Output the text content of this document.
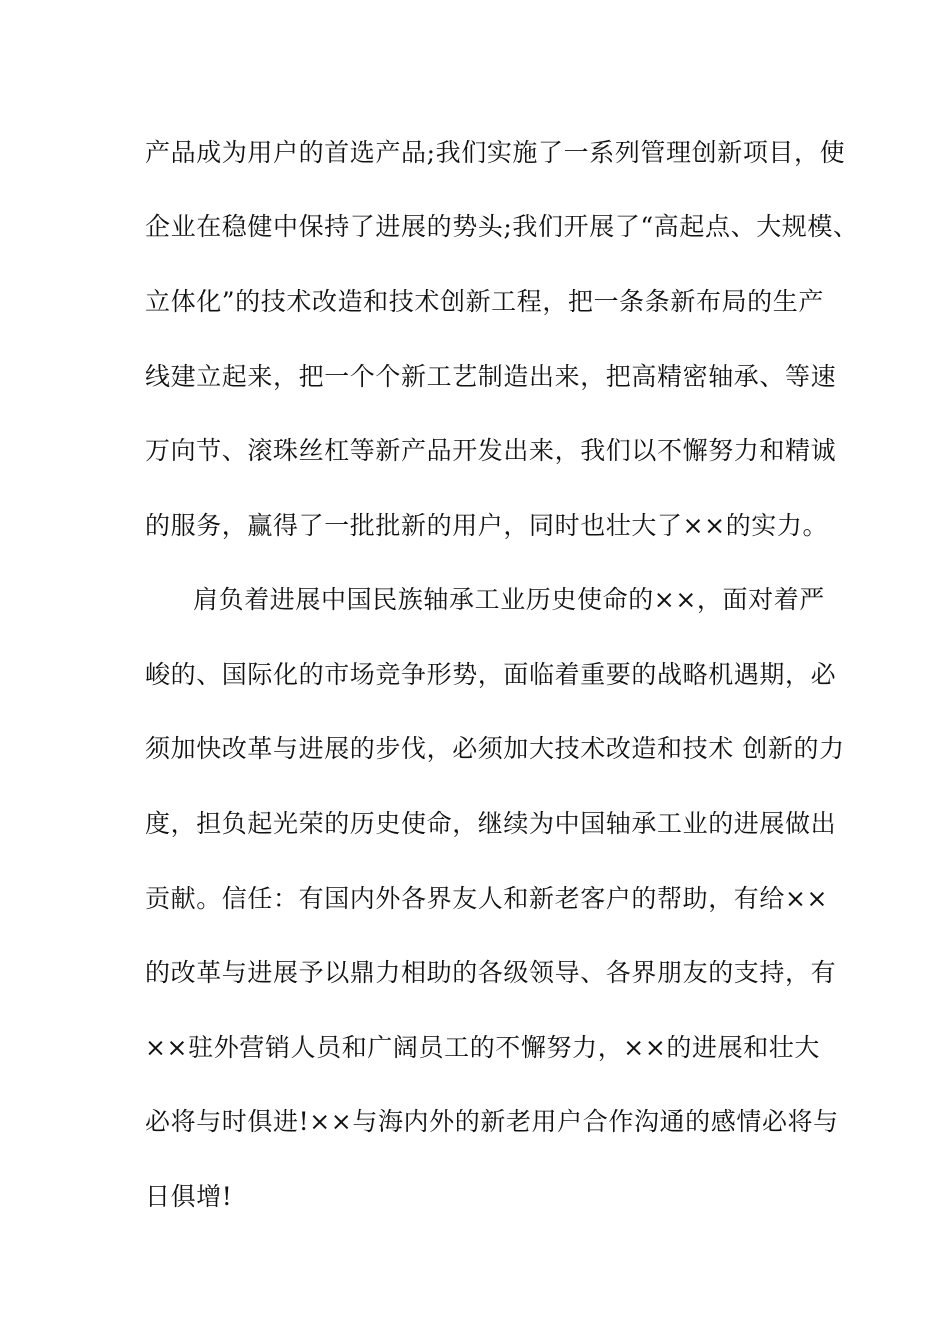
产品成为用户的首选产品;我们实施了一系列管理创新项目，使
企业在稳健中保持了进展的势头;我们开展了“高起点、大规模、
立体化”的技术改造和技术创新工程，把一条条新布局的生产
线建立起来，把一个个新工艺制造出来，把高精密轴承、等速
万向节、滚珠丝杠等新产品开发出来，我们以不懈努力和精诚
的服务，赢得了一批批新的用户，同时也壮大了××的实力。
肩负着进展中国民族轴承工业历史使命的××，面对着严
峻的、国际化的市场竞争形势，面临着重要的战略机遇期，必
须加快改革与进展的步伐，必须加大技术改造和技术 创新的力
度，担负起光荣的历史使命，继续为中国轴承工业的进展做出
贡献。信任：有国内外各界友人和新老客户的帮助，有给××
的改革与进展予以鼎力相助的各级领导、各界朋友的支持，有
××驻外营销人员和广阔员工的不懈努力，××的进展和壮大
必将与时俱进!××与海内外的新老用户合作沟通的感情必将与
日俱增!
